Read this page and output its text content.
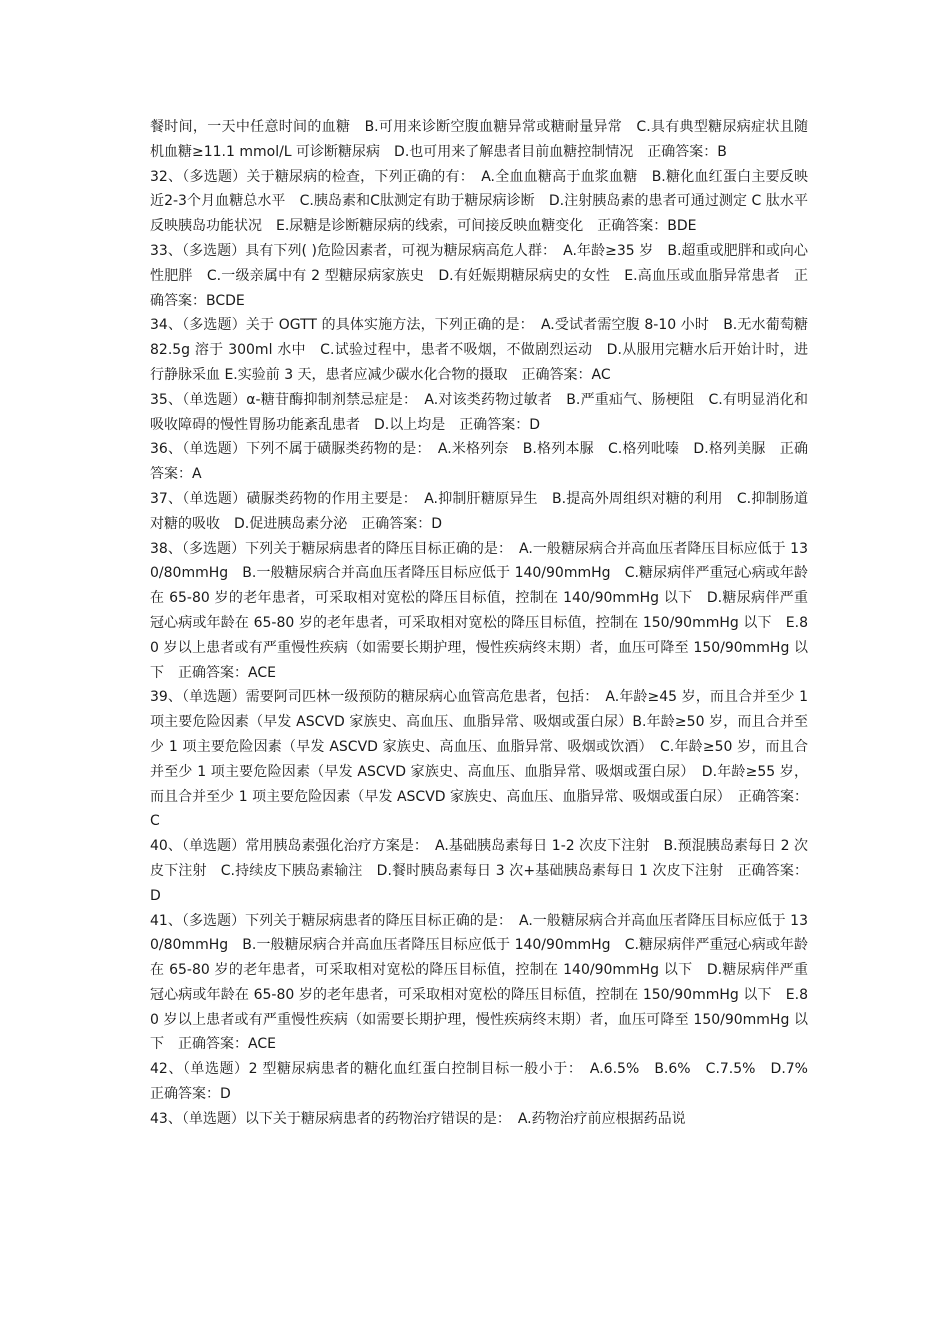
餐时间，一天中任意时间的血糖　B.可用来诊断空腹血糖异常或糖耐量异常　C.具有典型糖尿病症状且随机血糖≥11.1 mmol/L 可诊断糖尿病　D.也可用来了解患者目前血糖控制情况　正确答案：B

32、（多选题）关于糖尿病的检查，下列正确的有：　A.全血血糖高于血浆血糖　B.糖化血红蛋白主要反映近2-3个月血糖总水平　C.胰岛素和C肽测定有助于糖尿病诊断　D.注射胰岛素的患者可通过测定 C 肽水平反映胰岛功能状况　E.尿糖是诊断糖尿病的线索，可间接反映血糖变化　正确答案：BDE

33、（多选题）具有下列( )危险因素者，可视为糖尿病高危人群：　A.年龄≥35 岁　B.超重或肥胖和或向心性肥胖　C.一级亲属中有 2 型糖尿病家族史　D.有妊娠期糖尿病史的女性　E.高血压或血脂异常患者　正确答案：BCDE

34、（多选题）关于 OGTT 的具体实施方法，下列正确的是：　A.受试者需空腹 8-10 小时　B.无水葡萄糖 82.5g 溶于 300ml 水中　C.试验过程中，患者不吸烟，不做剧烈运动　D.从服用完糖水后开始计时，进行静脉采血 E.实验前 3 天，患者应减少碳水化合物的摄取　正确答案：AC

35、（单选题）α-糖苷酶抑制剂禁忌症是：　A.对该类药物过敏者　B.严重疝气、肠梗阻　C.有明显消化和吸收障碍的慢性胃肠功能紊乱患者　D.以上均是　正确答案：D

36、（单选题）下列不属于磺脲类药物的是：　A.米格列奈　B.格列本脲　C.格列吡嗪　D.格列美脲　正确答案：A

37、（单选题）磺脲类药物的作用主要是：　A.抑制肝糖原异生　B.提高外周组织对糖的利用　C.抑制肠道对糖的吸收　D.促进胰岛素分泌　正确答案：D

38、（多选题）下列关于糖尿病患者的降压目标正确的是：　A.一般糖尿病合并高血压者降压目标应低于 130/80mmHg　B.一般糖尿病合并高血压者降压目标应低于 140/90mmHg　C.糖尿病伴严重冠心病或年龄在 65-80 岁的老年患者，可采取相对宽松的降压目标值，控制在 140/90mmHg 以下　D.糖尿病伴严重冠心病或年龄在 65-80 岁的老年患者，可采取相对宽松的降压目标值，控制在 150/90mmHg 以下　E.80 岁以上患者或有严重慢性疾病（如需要长期护理，慢性疾病终末期）者，血压可降至 150/90mmHg 以下　正确答案：ACE

39、（单选题）需要阿司匹林一级预防的糖尿病心血管高危患者，包括：　A.年龄≥45 岁，而且合并至少 1 项主要危险因素（早发 ASCVD 家族史、高血压、血脂异常、吸烟或蛋白尿）B.年龄≥50 岁，而且合并至少 1 项主要危险因素（早发 ASCVD 家族史、高血压、血脂异常、吸烟或饮酒）　C.年龄≥50 岁，而且合并至少 1 项主要危险因素（早发 ASCVD 家族史、高血压、血脂异常、吸烟或蛋白尿）　D.年龄≥55 岁，而且合并至少 1 项主要危险因素（早发 ASCVD 家族史、高血压、血脂异常、吸烟或蛋白尿）　正确答案：C

40、（单选题）常用胰岛素强化治疗方案是：　A.基础胰岛素每日 1-2 次皮下注射　B.预混胰岛素每日 2 次皮下注射　C.持续皮下胰岛素输注　D.餐时胰岛素每日 3 次+基础胰岛素每日 1 次皮下注射　正确答案：D

41、（多选题）下列关于糖尿病患者的降压目标正确的是：　A.一般糖尿病合并高血压者降压目标应低于 130/80mmHg　B.一般糖尿病合并高血压者降压目标应低于 140/90mmHg　C.糖尿病伴严重冠心病或年龄在 65-80 岁的老年患者，可采取相对宽松的降压目标值，控制在 140/90mmHg 以下　D.糖尿病伴严重冠心病或年龄在 65-80 岁的老年患者，可采取相对宽松的降压目标值，控制在 150/90mmHg 以下　E.80 岁以上患者或有严重慢性疾病（如需要长期护理，慢性疾病终末期）者，血压可降至 150/90mmHg 以下　正确答案：ACE

42、（单选题）2 型糖尿病患者的糖化血红蛋白控制目标一般小于：　A.6.5%　B.6%　C.7.5%　D.7%　正确答案：D

43、（单选题）以下关于糖尿病患者的药物治疗错误的是：　A.药物治疗前应根据药品说
